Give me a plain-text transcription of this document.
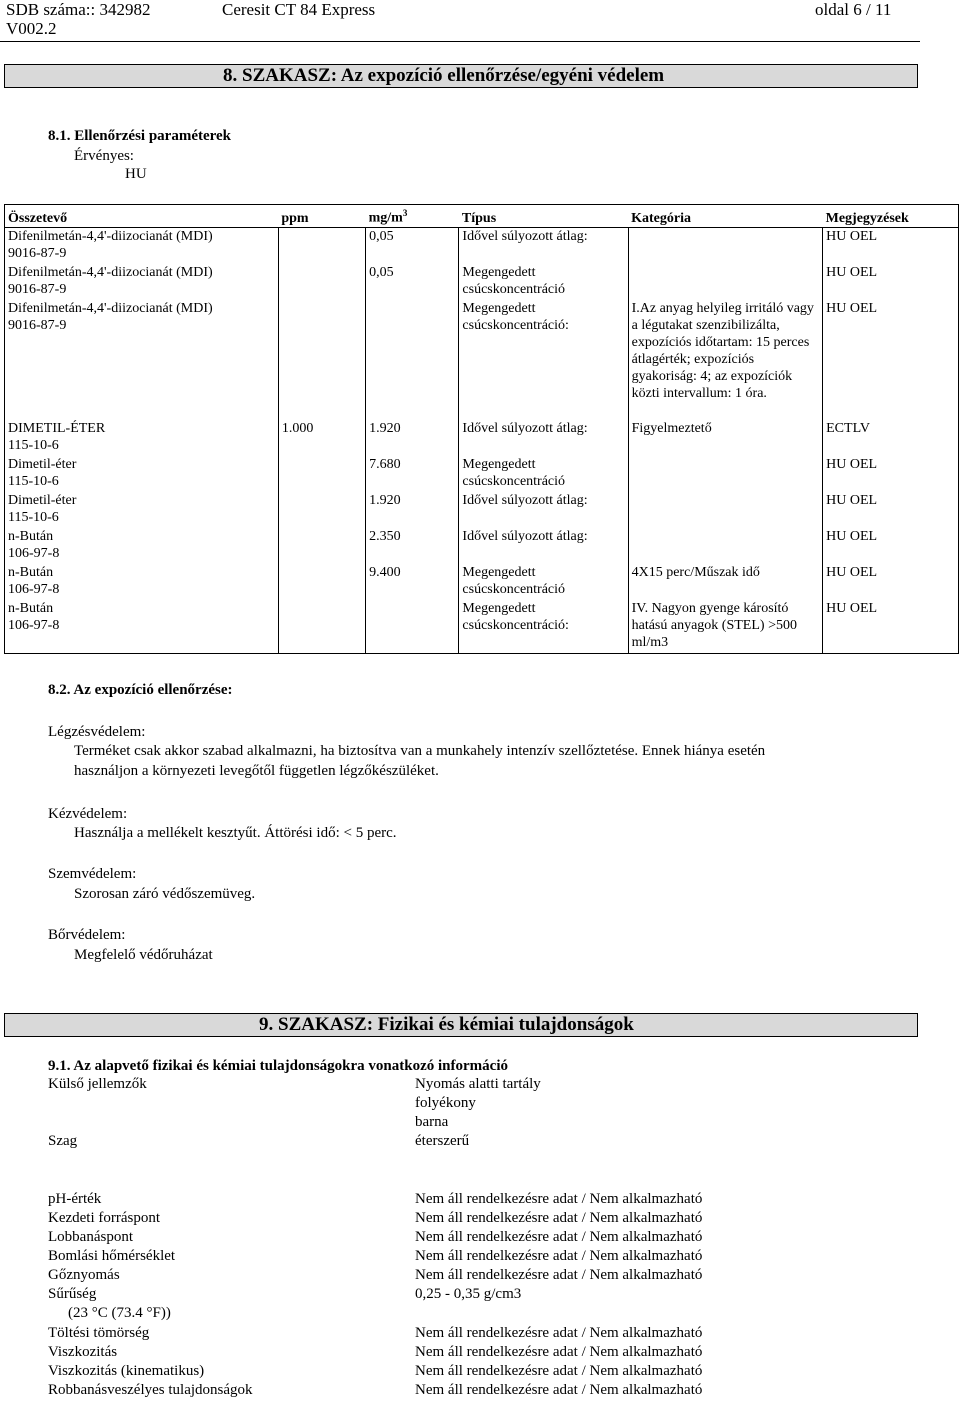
SDB száma:: 342982
V002.2
Ceresit CT 84 Express	oldal 6 / 11
8. SZAKASZ: Az expozíció ellenőrzése/egyéni védelem
8.1. Ellenőrzési paraméterek
Érvényes:
HU
Összetevő	ppm	$mg/m^3$	Típus	Kategória	Megjegyzések

Difenilmetán-4,4'-diizocianát (MDI)
9016-87-9		0,05	Idővel súlyozott átlag:		HU OEL

Difenilmetán-4,4'-diizocianát (MDI)
9016-87-9		0,05	Megengedett csúcskoncentráció		HU OEL

Difenilmetán-4,4'-diizocianát (MDI)
9016-87-9			Megengedett csúcskoncentráció:	I.Az anyag helyileg irritáló vagy a légutakat szenzibilizálta, expozíciós időtartam: 15 perces átlagérték; expozíciós gyakoriság: 4; az expozíciók közti intervallum: 1 óra.	HU OEL

DIMETIL-ÉTER
115-10-6	1.000	1.920	Idővel súlyozott átlag:	Figyelmeztető	ECTLV

Dimetil-éter
115-10-6		7.680	Megengedett csúcskoncentráció		HU OEL

Dimetil-éter
115-10-6		1.920	Idővel súlyozott átlag:		HU OEL

n-Bután
106-97-8		2.350	Idővel súlyozott átlag:		HU OEL

n-Bután
106-97-8		9.400	Megengedett csúcskoncentráció	4X15 perc/Műszak idő	HU OEL

n-Bután
106-97-8			Megengedett csúcskoncentráció:	IV. Nagyon gyenge károsító hatású anyagok (STEL) >500 ml/m3	HU OEL
8.2. Az expozíció ellenőrzése:
Légzésvédelem:
Terméket csak akkor szabad alkalmazni, ha biztosítva van a munkahely intenzív szellőztetése. Ennek hiánya esetén
használjon a környezeti levegőtől független légzőkészüléket.
Kézvédelem:
Használja a mellékelt kesztyűt. Áttörési idő: < 5 perc.
Szemvédelem:
Szorosan záró védőszemüveg.
Bőrvédelem:
Megfelelő védőruházat
9. SZAKASZ: Fizikai és kémiai tulajdonságok
9.1. Az alapvető fizikai és kémiai tulajdonságokra vonatkozó információ
Külső jellemzők	Nyomás alatti tartály
folyékony
barna
Szag	éterszerű
pH-érték	Nem áll rendelkezésre adat / Nem alkalmazható
Kezdeti forráspont	Nem áll rendelkezésre adat / Nem alkalmazható
Lobbanáspont	Nem áll rendelkezésre adat / Nem alkalmazható
Bomlási hőmérséklet	Nem áll rendelkezésre adat / Nem alkalmazható
Gőznyomás	Nem áll rendelkezésre adat / Nem alkalmazható
Sűrűség	0,25 - 0,35 g/cm3
(23 °C (73.4 °F))
Töltési tömörség	Nem áll rendelkezésre adat / Nem alkalmazható
Viszkozitás	Nem áll rendelkezésre adat / Nem alkalmazható
Viszkozitás (kinematikus)	Nem áll rendelkezésre adat / Nem alkalmazható
Robbanásveszélyes tulajdonságok	Nem áll rendelkezésre adat / Nem alkalmazható
